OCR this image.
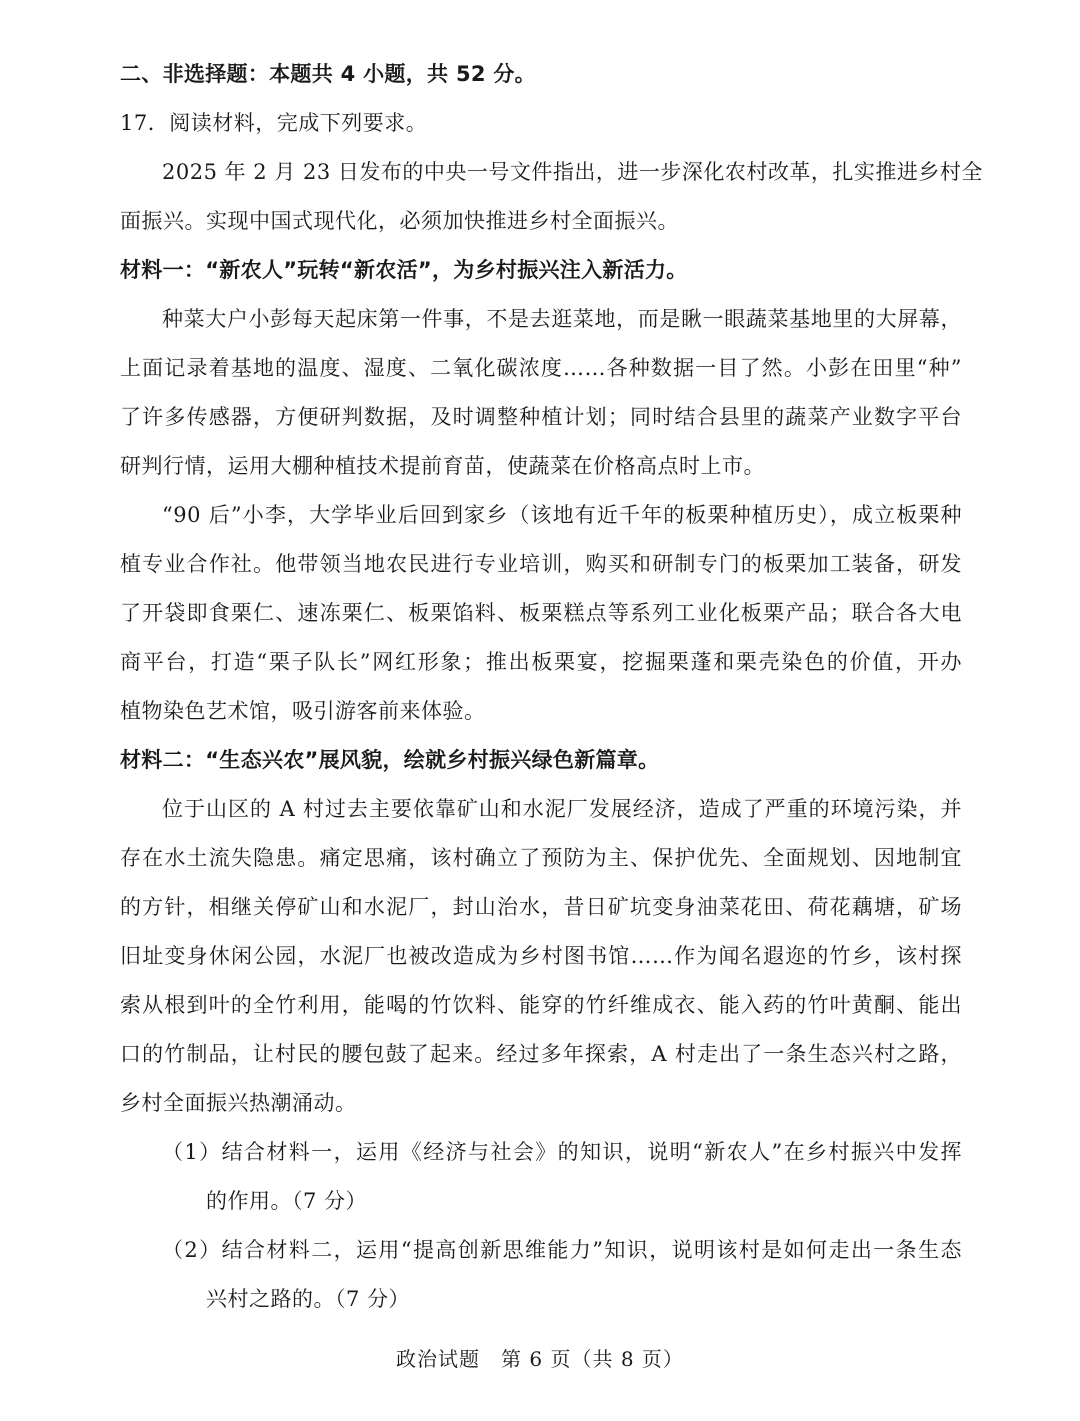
二、非选择题：本题共 4 小题，共 52 分。
17．阅读材料，完成下列要求。
2025 年 2 月 23 日发布的中央一号文件指出，进一步深化农村改革，扎实推进乡村全
面振兴。实现中国式现代化，必须加快推进乡村全面振兴。
材料一：“新农人”玩转“新农活”，为乡村振兴注入新活力。
种菜大户小彭每天起床第一件事，不是去逛菜地，而是瞅一眼蔬菜基地里的大屏幕，
上面记录着基地的温度、湿度、二氧化碳浓度……各种数据一目了然。小彭在田里“种”
了许多传感器，方便研判数据，及时调整种植计划；同时结合县里的蔬菜产业数字平台
研判行情，运用大棚种植技术提前育苗，使蔬菜在价格高点时上市。
“90 后”小李，大学毕业后回到家乡（该地有近千年的板栗种植历史），成立板栗种
植专业合作社。他带领当地农民进行专业培训，购买和研制专门的板栗加工装备，研发
了开袋即食栗仁、速冻栗仁、板栗馅料、板栗糕点等系列工业化板栗产品；联合各大电
商平台，打造“栗子队长”网红形象；推出板栗宴，挖掘栗蓬和栗壳染色的价值，开办
植物染色艺术馆，吸引游客前来体验。
材料二：“生态兴农”展风貌，绘就乡村振兴绿色新篇章。
位于山区的 A 村过去主要依靠矿山和水泥厂发展经济，造成了严重的环境污染，并
存在水土流失隐患。痛定思痛，该村确立了预防为主、保护优先、全面规划、因地制宜
的方针，相继关停矿山和水泥厂，封山治水，昔日矿坑变身油菜花田、荷花藕塘，矿场
旧址变身休闲公园，水泥厂也被改造成为乡村图书馆……作为闻名遐迩的竹乡，该村探
索从根到叶的全竹利用，能喝的竹饮料、能穿的竹纤维成衣、能入药的竹叶黄酮、能出
口的竹制品，让村民的腰包鼓了起来。经过多年探索，A 村走出了一条生态兴村之路，
乡村全面振兴热潮涌动。
（1）结合材料一，运用《经济与社会》的知识，说明“新农人”在乡村振兴中发挥
的作用。（7 分）
（2）结合材料二，运用“提高创新思维能力”知识，说明该村是如何走出一条生态
兴村之路的。（7 分）
政治试题　第 6 页（共 8 页）
